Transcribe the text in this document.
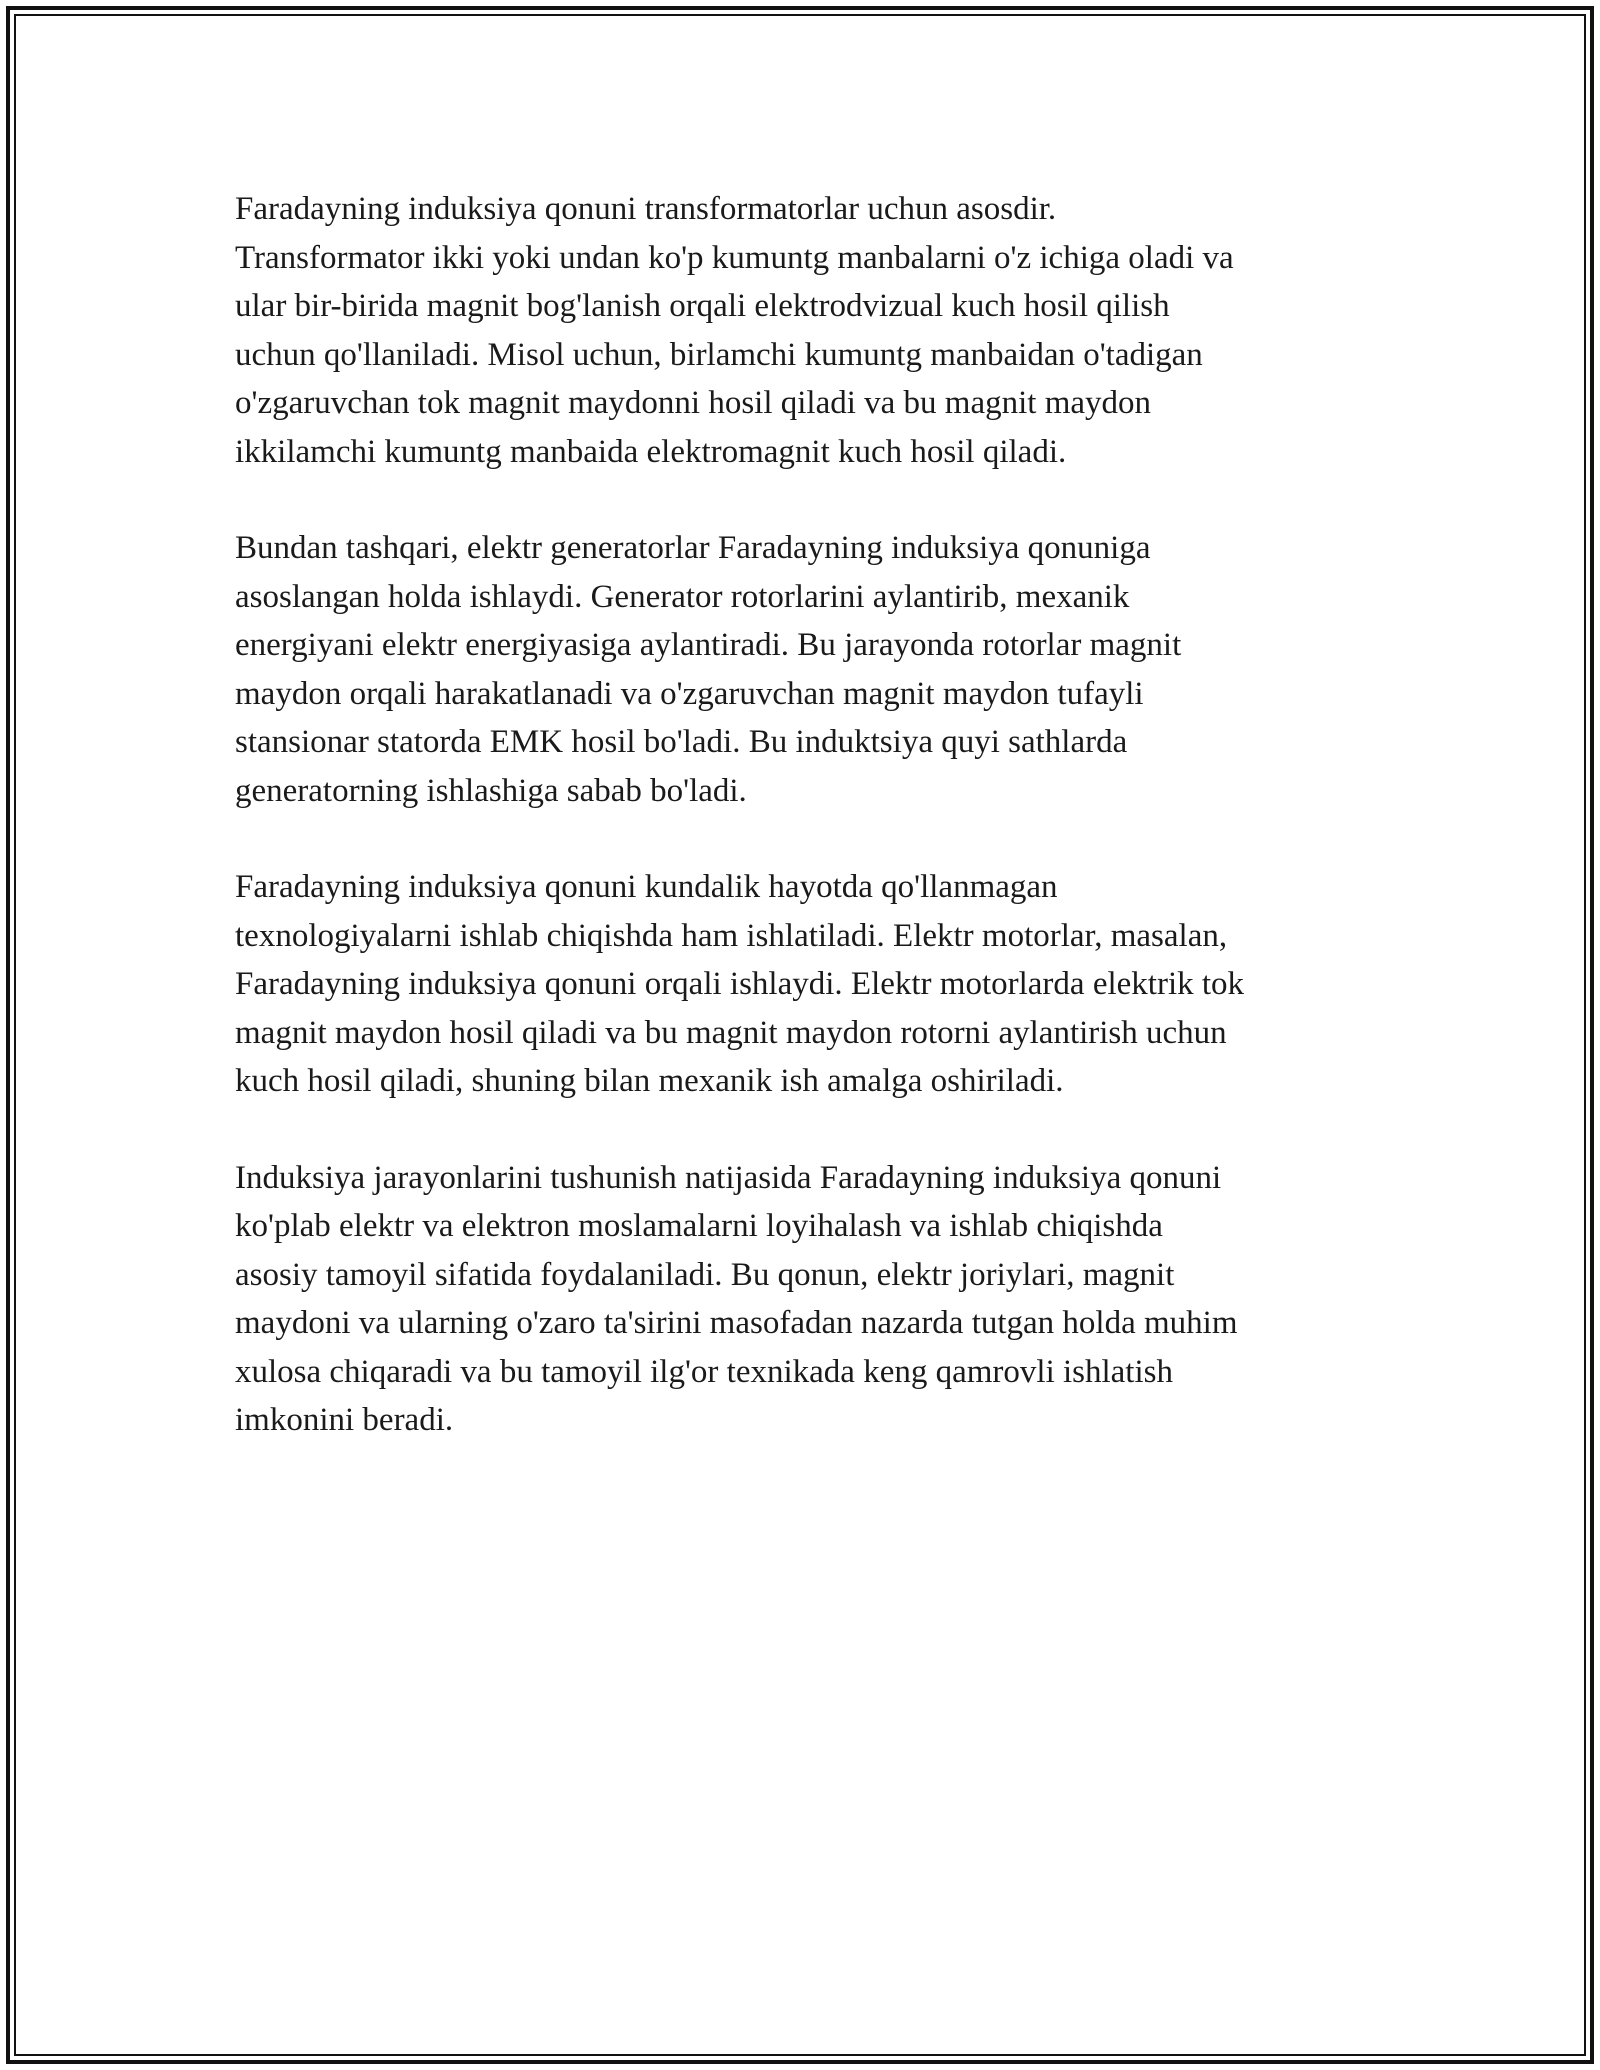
Faradayning induksiya qonuni transformatorlar uchun asosdir.
Transformator ikki yoki undan ko'p kumuntg manbalarni o'z ichiga oladi va
ular bir-birida magnit bog'lanish orqali elektrodvizual kuch hosil qilish
uchun qo'llaniladi. Misol uchun, birlamchi kumuntg manbaidan o'tadigan
o'zgaruvchan tok magnit maydonni hosil qiladi va bu magnit maydon
ikkilamchi kumuntg manbaida elektromagnit kuch hosil qiladi.

Bundan tashqari, elektr generatorlar Faradayning induksiya qonuniga
asoslangan holda ishlaydi. Generator rotorlarini aylantirib, mexanik
energiyani elektr energiyasiga aylantiradi. Bu jarayonda rotorlar magnit
maydon orqali harakatlanadi va o'zgaruvchan magnit maydon tufayli
stansionar statorda EMK hosil bo'ladi. Bu induktsiya quyi sathlarda
generatorning ishlashiga sabab bo'ladi.

Faradayning induksiya qonuni kundalik hayotda qo'llanmagan
texnologiyalarni ishlab chiqishda ham ishlatiladi. Elektr motorlar, masalan,
Faradayning induksiya qonuni orqali ishlaydi. Elektr motorlarda elektrik tok
magnit maydon hosil qiladi va bu magnit maydon rotorni aylantirish uchun
kuch hosil qiladi, shuning bilan mexanik ish amalga oshiriladi.

Induksiya jarayonlarini tushunish natijasida Faradayning induksiya qonuni
ko'plab elektr va elektron moslamalarni loyihalash va ishlab chiqishda
asosiy tamoyil sifatida foydalaniladi. Bu qonun, elektr joriylari, magnit
maydoni va ularning o'zaro ta'sirini masofadan nazarda tutgan holda muhim
xulosa chiqaradi va bu tamoyil ilg'or texnikada keng qamrovli ishlatish
imkonini beradi.
